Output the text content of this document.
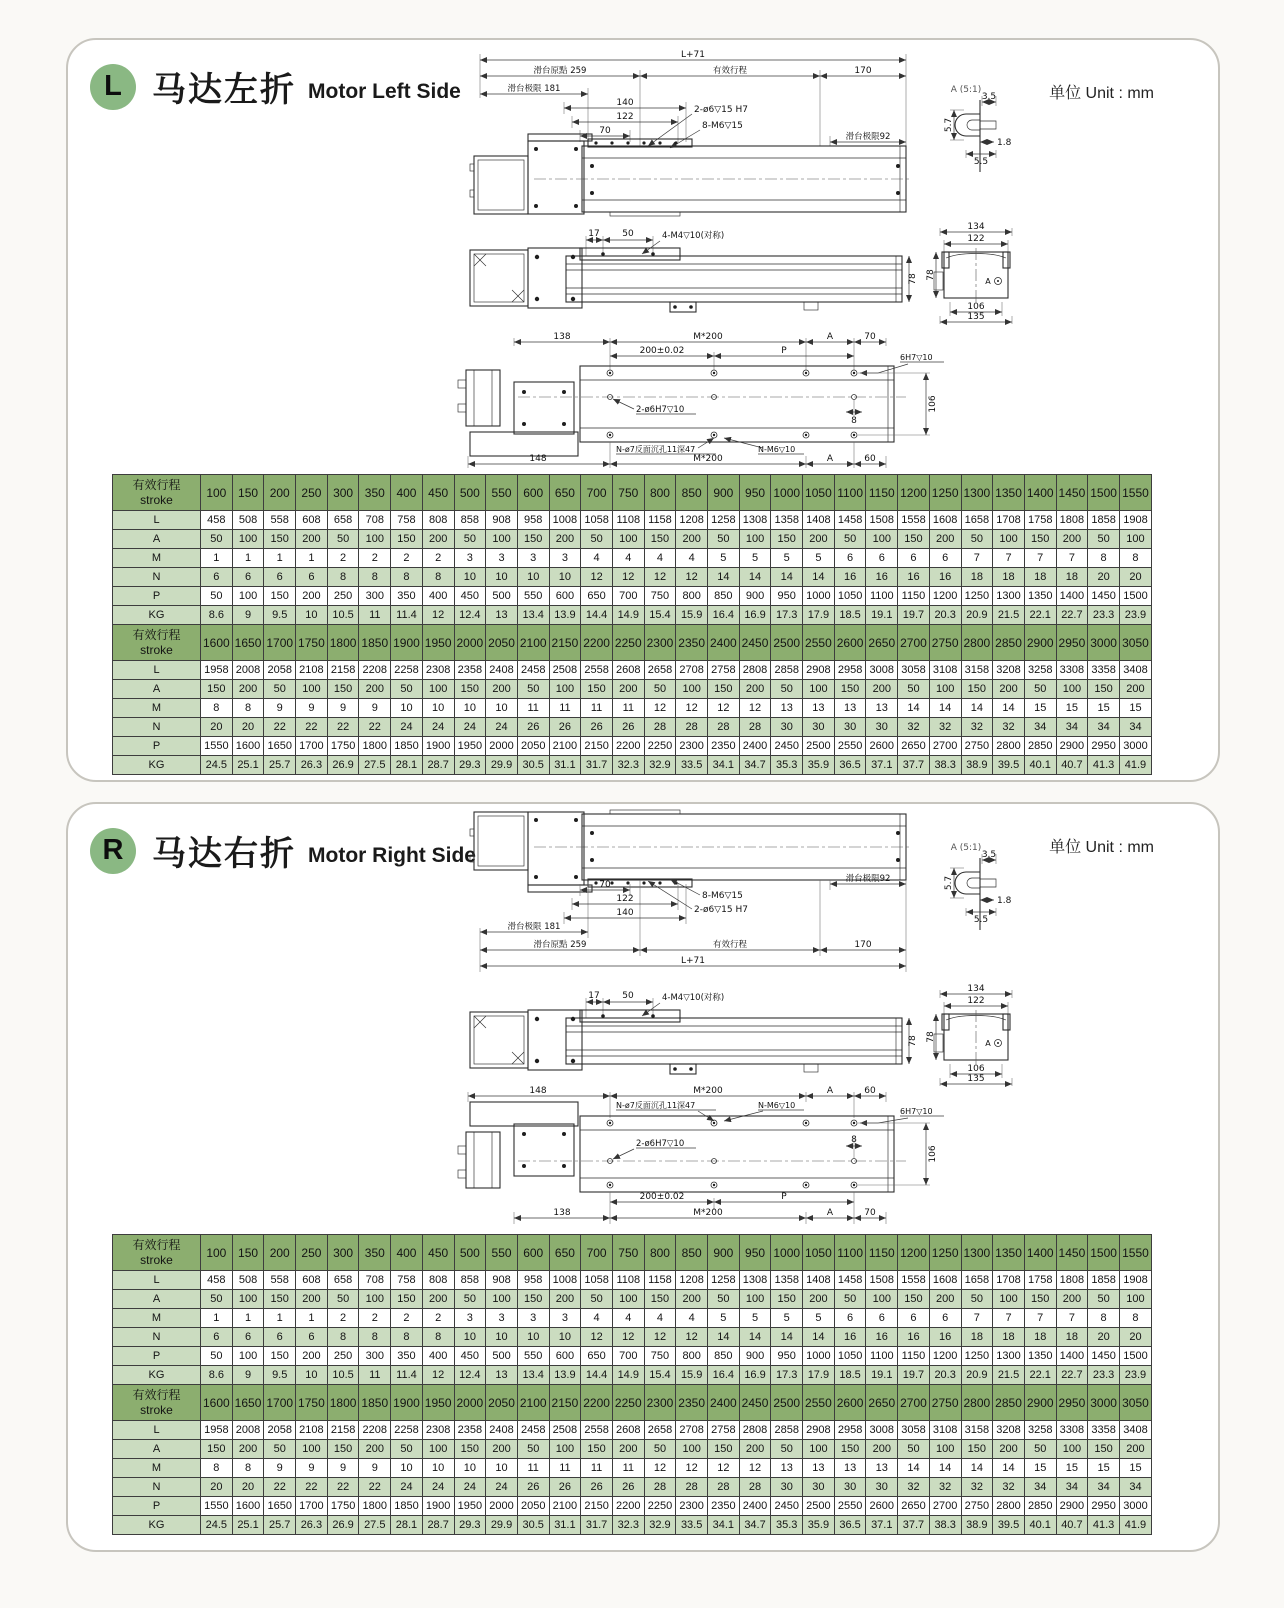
L 马达左折 Motor Left Side	单位 Unit : mm
L+71
滑台原點 259	有效行程	170
滑台极限 181
140
122
70
滑台极限92
2-ø6▽15 H7
8-M6▽15
A (5:1)
3.5
5.7
1.8
5.5
17	50	4-M4▽10(对称)
78
134
122
78
A
106
135
138	M*200	A	70
200±0.02	P
2-ø6H7▽10
6H7▽10
106
8
N-ø7反面沉孔11深47	N-M6▽10
148	M*200	A	60
有效行程
stroke	100	150	200	250	300	350	400	450	500	550	600	650	700	750	800	850	900	950	1000	1050	1100	1150	1200	1250	1300	1350	1400	1450	1500	1550
L	458	508	558	608	658	708	758	808	858	908	958	1008	1058	1108	1158	1208	1258	1308	1358	1408	1458	1508	1558	1608	1658	1708	1758	1808	1858	1908
A	50	100	150	200	50	100	150	200	50	100	150	200	50	100	150	200	50	100	150	200	50	100	150	200	50	100	150	200	50	100
M	1	1	1	1	2	2	2	2	3	3	3	3	4	4	4	4	5	5	5	5	6	6	6	6	7	7	7	7	8	8
N	6	6	6	6	8	8	8	8	10	10	10	10	12	12	12	12	14	14	14	14	16	16	16	16	18	18	18	18	20	20
P	50	100	150	200	250	300	350	400	450	500	550	600	650	700	750	800	850	900	950	1000	1050	1100	1150	1200	1250	1300	1350	1400	1450	1500
KG	8.6	9	9.5	10	10.5	11	11.4	12	12.4	13	13.4	13.9	14.4	14.9	15.4	15.9	16.4	16.9	17.3	17.9	18.5	19.1	19.7	20.3	20.9	21.5	22.1	22.7	23.3	23.9

有效行程
stroke	1600	1650	1700	1750	1800	1850	1900	1950	2000	2050	2100	2150	2200	2250	2300	2350	2400	2450	2500	2550	2600	2650	2700	2750	2800	2850	2900	2950	3000	3050
L	1958	2008	2058	2108	2158	2208	2258	2308	2358	2408	2458	2508	2558	2608	2658	2708	2758	2808	2858	2908	2958	3008	3058	3108	3158	3208	3258	3308	3358	3408
A	150	200	50	100	150	200	50	100	150	200	50	100	150	200	50	100	150	200	50	100	150	200	50	100	150	200	50	100	150	200
M	8	8	9	9	9	9	10	10	10	10	11	11	11	11	12	12	12	12	13	13	13	13	14	14	14	14	15	15	15	15
N	20	20	22	22	22	22	24	24	24	24	26	26	26	26	28	28	28	28	30	30	30	30	32	32	32	32	34	34	34	34
P	1550	1600	1650	1700	1750	1800	1850	1900	1950	2000	2050	2100	2150	2200	2250	2300	2350	2400	2450	2500	2550	2600	2650	2700	2750	2800	2850	2900	2950	3000
KG	24.5	25.1	25.7	26.3	26.9	27.5	28.1	28.7	29.3	29.9	30.5	31.1	31.7	32.3	32.9	33.5	34.1	34.7	35.3	35.9	36.5	37.1	37.7	38.3	38.9	39.5	40.1	40.7	41.3	41.9
R 马达右折 Motor Right Side	单位 Unit : mm
70
122
140
8-M6▽15
2-ø6▽15 H7
滑台极限92
滑台极限 181
滑台原點 259	有效行程	170
L+71
A (5:1)
3.5
5.7
1.8
5.5
17	50	4-M4▽10(对称)
78
134
122
78
A
106
135
148	M*200	A	60
N-ø7反面沉孔11深47	N-M6▽10
2-ø6H7▽10
6H7▽10
106
8
200±0.02	P
138	M*200	A	70
有效行程
stroke	100	150	200	250	300	350	400	450	500	550	600	650	700	750	800	850	900	950	1000	1050	1100	1150	1200	1250	1300	1350	1400	1450	1500	1550
L	458	508	558	608	658	708	758	808	858	908	958	1008	1058	1108	1158	1208	1258	1308	1358	1408	1458	1508	1558	1608	1658	1708	1758	1808	1858	1908
A	50	100	150	200	50	100	150	200	50	100	150	200	50	100	150	200	50	100	150	200	50	100	150	200	50	100	150	200	50	100
M	1	1	1	1	2	2	2	2	3	3	3	3	4	4	4	4	5	5	5	5	6	6	6	6	7	7	7	7	8	8
N	6	6	6	6	8	8	8	8	10	10	10	10	12	12	12	12	14	14	14	14	16	16	16	16	18	18	18	18	20	20
P	50	100	150	200	250	300	350	400	450	500	550	600	650	700	750	800	850	900	950	1000	1050	1100	1150	1200	1250	1300	1350	1400	1450	1500
KG	8.6	9	9.5	10	10.5	11	11.4	12	12.4	13	13.4	13.9	14.4	14.9	15.4	15.9	16.4	16.9	17.3	17.9	18.5	19.1	19.7	20.3	20.9	21.5	22.1	22.7	23.3	23.9

有效行程
stroke	1600	1650	1700	1750	1800	1850	1900	1950	2000	2050	2100	2150	2200	2250	2300	2350	2400	2450	2500	2550	2600	2650	2700	2750	2800	2850	2900	2950	3000	3050
L	1958	2008	2058	2108	2158	2208	2258	2308	2358	2408	2458	2508	2558	2608	2658	2708	2758	2808	2858	2908	2958	3008	3058	3108	3158	3208	3258	3308	3358	3408
A	150	200	50	100	150	200	50	100	150	200	50	100	150	200	50	100	150	200	50	100	150	200	50	100	150	200	50	100	150	200
M	8	8	9	9	9	9	10	10	10	10	11	11	11	11	12	12	12	12	13	13	13	13	14	14	14	14	15	15	15	15
N	20	20	22	22	22	22	24	24	24	24	26	26	26	26	28	28	28	28	30	30	30	30	32	32	32	32	34	34	34	34
P	1550	1600	1650	1700	1750	1800	1850	1900	1950	2000	2050	2100	2150	2200	2250	2300	2350	2400	2450	2500	2550	2600	2650	2700	2750	2800	2850	2900	2950	3000
KG	24.5	25.1	25.7	26.3	26.9	27.5	28.1	28.7	29.3	29.9	30.5	31.1	31.7	32.3	32.9	33.5	34.1	34.7	35.3	35.9	36.5	37.1	37.7	38.3	38.9	39.5	40.1	40.7	41.3	41.9
